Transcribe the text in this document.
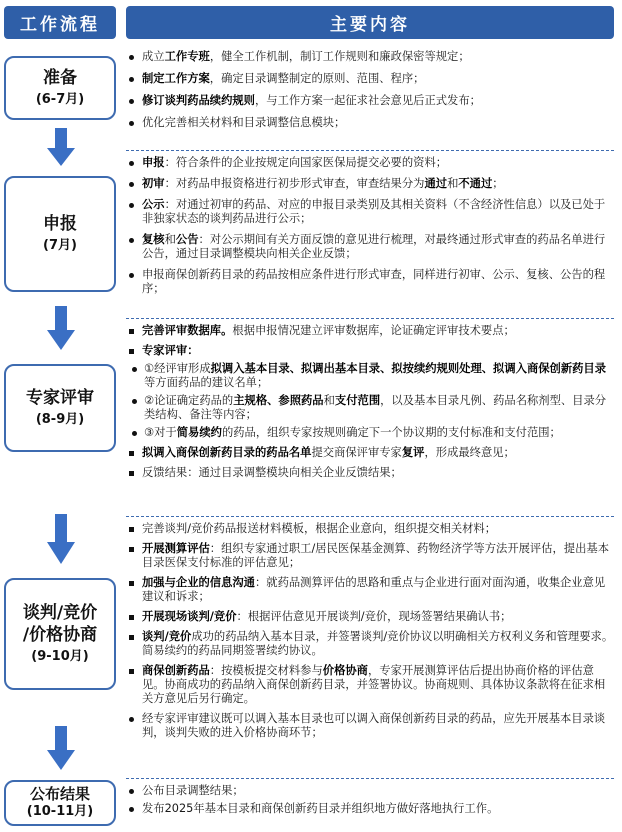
工作流程	主要内容
准备
(6-7月)
申报
(7月)
专家评审
(8-9月)
谈判/竞价
/价格协商
(9-10月)
公布结果
(10-11月)
成立工作专班，健全工作机制，制订工作规则和廉政保密等规定；
制定工作方案，确定目录调整制定的原则、范围、程序；
修订谈判药品续约规则，与工作方案一起征求社会意见后正式发布；
优化完善相关材料和目录调整信息模块；
申报：符合条件的企业按规定向国家医保局提交必要的资料；
初审：对药品申报资格进行初步形式审查，审查结果分为通过和不通过；
公示：对通过初审的药品、对应的申报目录类别及其相关资料（不含经济性信息）以及已处于非独家状态的谈判药品进行公示；
复核和公告：对公示期间有关方面反馈的意见进行梳理，对最终通过形式审查的药品名单进行公告，通过目录调整模块向相关企业反馈；
申报商保创新药目录的药品按相应条件进行形式审查，同样进行初审、公示、复核、公告的程序；
完善评审数据库。根据申报情况建立评审数据库，论证确定评审技术要点；
专家评审：
①经评审形成拟调入基本目录、拟调出基本目录、拟按续约规则处理、拟调入商保创新药目录等方面药品的建议名单；
②论证确定药品的主规格、参照药品和支付范围，以及基本目录凡例、药品名称剂型、目录分类结构、备注等内容；
③对于简易续约的药品，组织专家按规则确定下一个协议期的支付标准和支付范围；
拟调入商保创新药目录的药品名单提交商保评审专家复评，形成最终意见；
反馈结果：通过目录调整模块向相关企业反馈结果；
完善谈判/竞价药品报送材料模板，根据企业意向，组织提交相关材料；
开展测算评估：组织专家通过职工/居民医保基金测算、药物经济学等方法开展评估，提出基本目录医保支付标准的评估意见；
加强与企业的信息沟通：就药品测算评估的思路和重点与企业进行面对面沟通，收集企业意见建议和诉求；
开展现场谈判/竞价：根据评估意见开展谈判/竞价，现场签署结果确认书；
谈判/竞价成功的药品纳入基本目录，并签署谈判/竞价协议以明确相关方权利义务和管理要求。简易续约的药品同期签署续约协议。
商保创新药品：按模板提交材料参与价格协商，专家开展测算评估后提出协商价格的评估意见。协商成功的药品纳入商保创新药目录，并签署协议。协商规则、具体协议条款将在征求相关方意见后另行确定。
经专家评审建议既可以调入基本目录也可以调入商保创新药目录的药品，应先开展基本目录谈判，谈判失败的进入价格协商环节；
公布目录调整结果；
发布2025年基本目录和商保创新药目录并组织地方做好落地执行工作。
